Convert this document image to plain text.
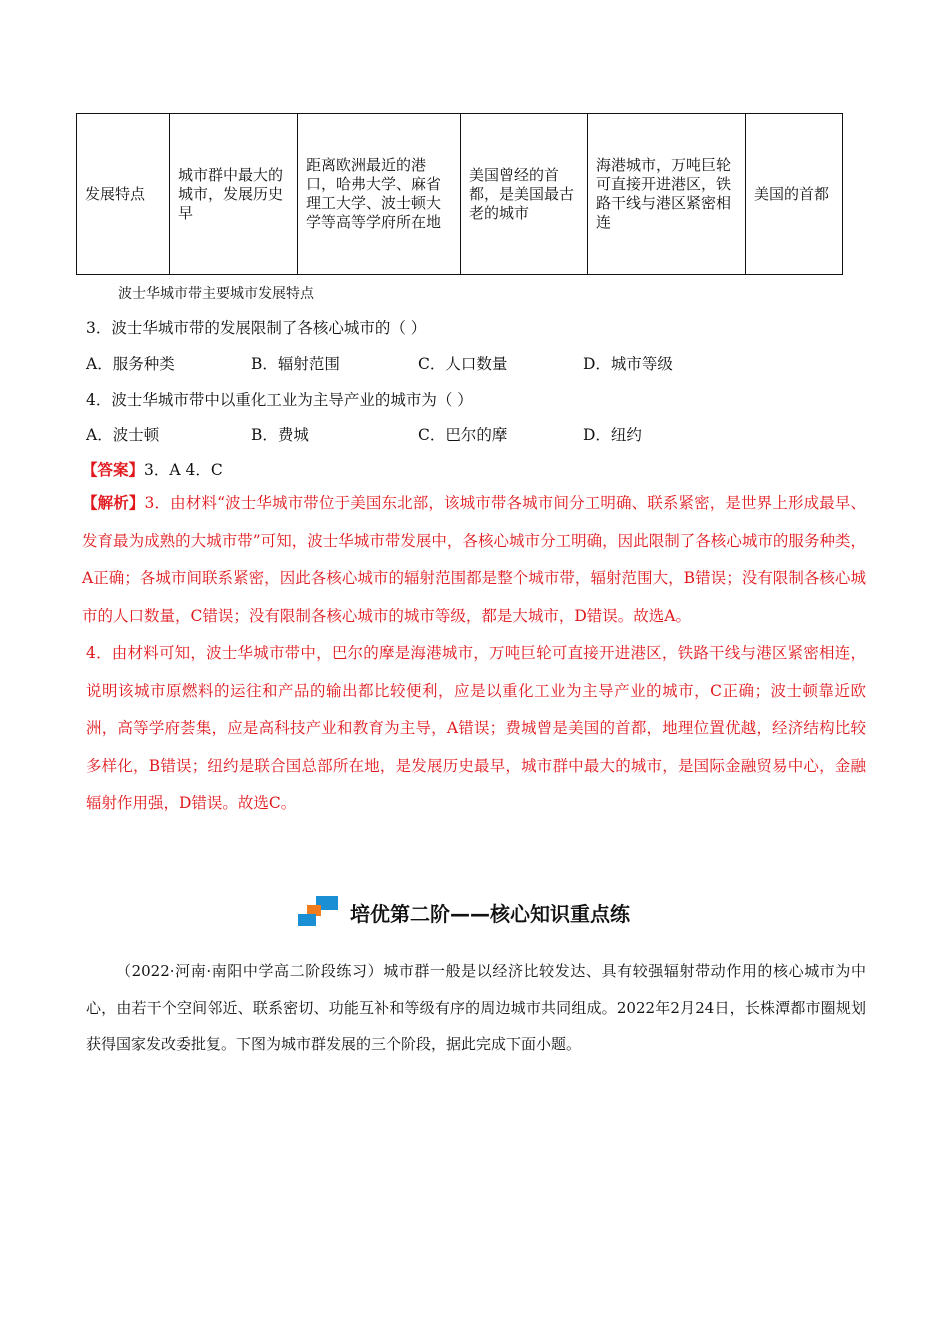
发展特点	城市群中最大的城市，发展历史早	距离欧洲最近的港口，哈弗大学、麻省理工大学、波士顿大学等高等学府所在地	美国曾经的首都，是美国最古老的城市	海港城市，万吨巨轮可直接开进港区，铁路干线与港区紧密相连	美国的首都
波士华城市带主要城市发展特点
3．波士华城市带的发展限制了各核心城市的（ ）
A．服务种类	B．辐射范围	C．人口数量	D．城市等级
4．波士华城市带中以重化工业为主导产业的城市为（ ）
A．波士顿	B．费城	C．巴尔的摩	D．纽约
【答案】3．A 4．C

【解析】3．由材料“波士华城市带位于美国东北部，该城市带各城市间分工明确、联系紧密，是世界上形成最早、发育最为成熟的大城市带”可知，波士华城市带发展中，各核心城市分工明确，因此限制了各核心城市的服务种类，A正确；各城市间联系紧密，因此各核心城市的辐射范围都是整个城市带，辐射范围大，B错误；没有限制各核心城市的人口数量，C错误；没有限制各核心城市的城市等级，都是大城市，D错误。故选A。

4．由材料可知，波士华城市带中，巴尔的摩是海港城市，万吨巨轮可直接开进港区，铁路干线与港区紧密相连，说明该城市原燃料的运往和产品的输出都比较便利，应是以重化工业为主导产业的城市，C正确；波士顿靠近欧洲，高等学府荟集，应是高科技产业和教育为主导，A错误；费城曾是美国的首都，地理位置优越，经济结构比较多样化，B错误；纽约是联合国总部所在地，是发展历史最早，城市群中最大的城市，是国际金融贸易中心，金融辐射作用强，D错误。故选C。

培优第二阶——核心知识重点练

（2022·河南·南阳中学高二阶段练习）城市群一般是以经济比较发达、具有较强辐射带动作用的核心城市为中心，由若干个空间邻近、联系密切、功能互补和等级有序的周边城市共同组成。2022年2月24日，长株潭都市圈规划获得国家发改委批复。下图为城市群发展的三个阶段，据此完成下面小题。
